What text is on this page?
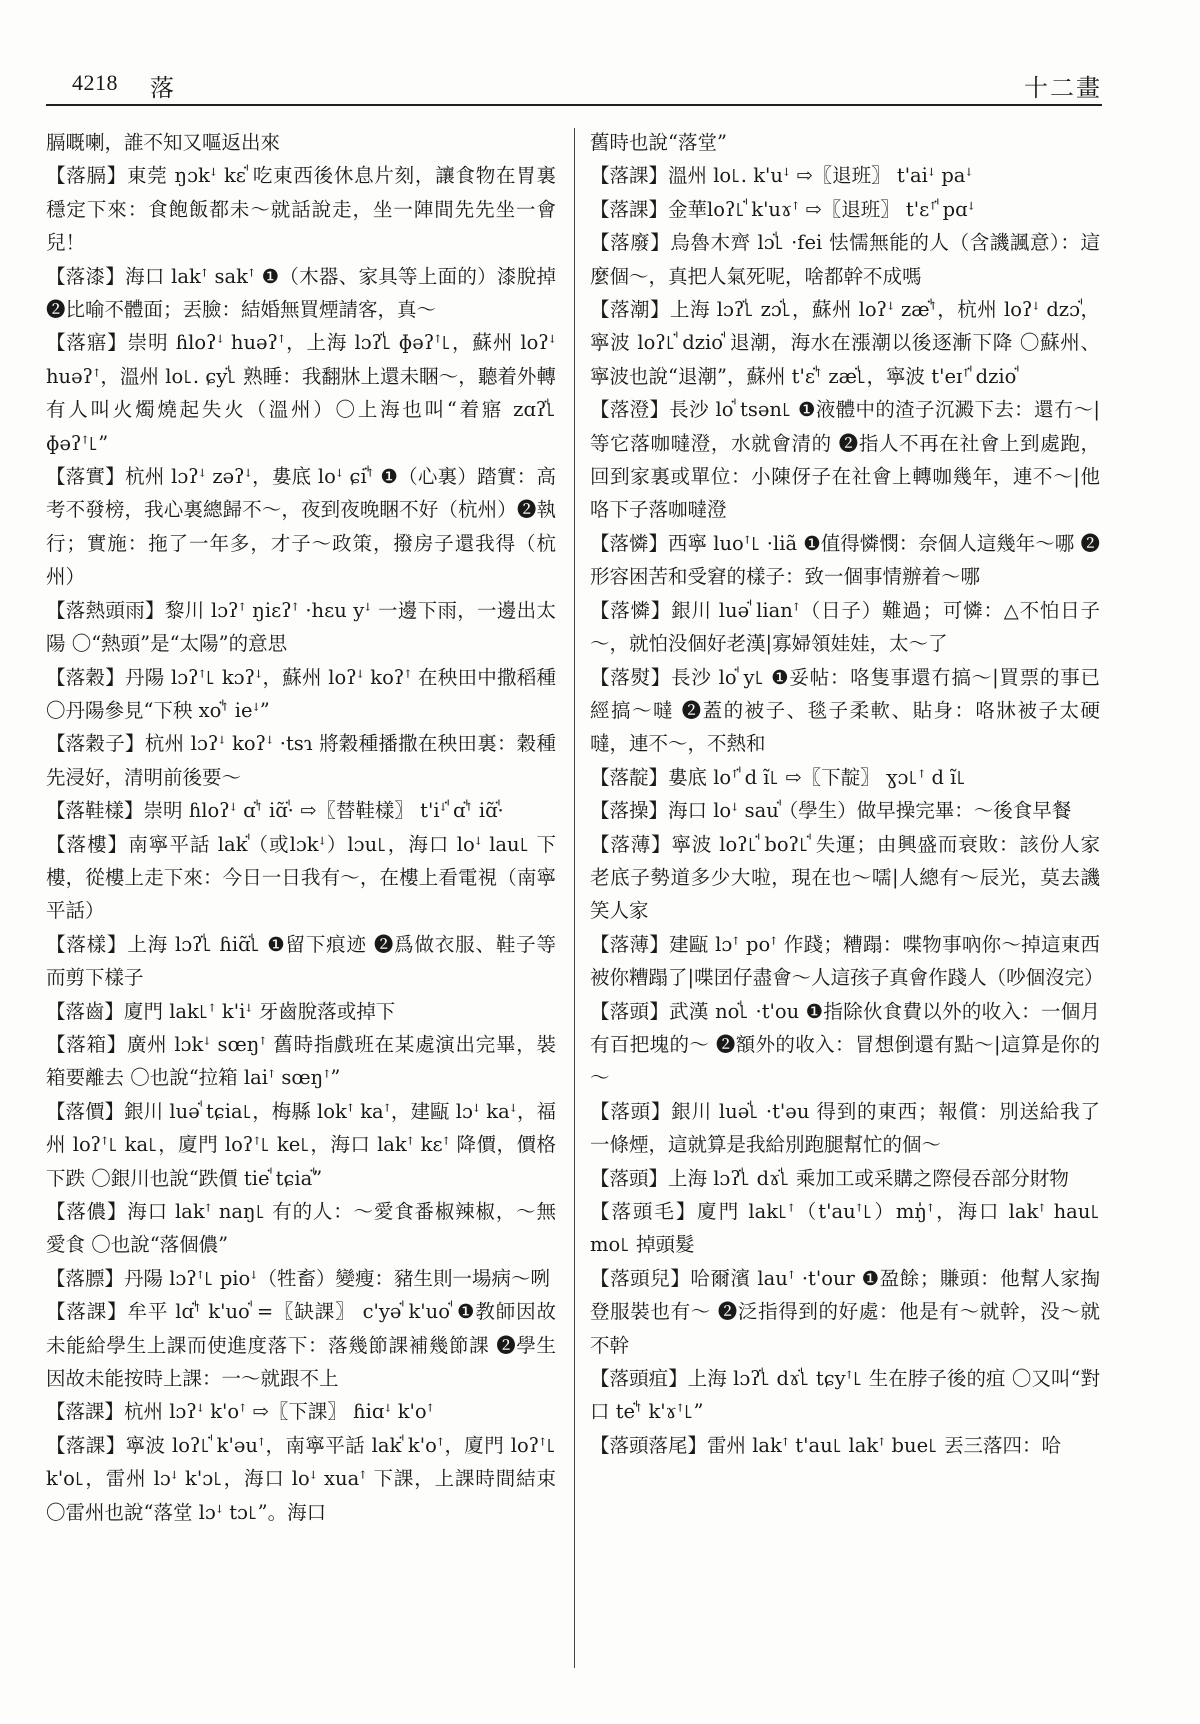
4218 落	十二畫

膈嘅喇，誰不知又嘔返出來

【落膈】東莞 ŋɔkꜜ kɛꜗ 吃東西後休息片刻，讓食物在胃裏穩定下來：食飽飯都未～就話說走，坐一陣間先先坐一會兒！

【落漆】海口 lakꜛ sakꜛ ❶（木器、家具等上面的）漆脫掉 ❷比喻不體面；丟臉：結婚無買煙請客，真～

【落寤】崇明 ɦloʔꜜ huəʔꜛ，上海 lɔʔꜗ꜖ ɸəʔꜛ꜖，蘇州 loʔꜜ huəʔꜛ，溫州 lo꜖. ɕyꜗ꜖ 熟睡：我翻牀上還未睏～，聽着外轉有人叫火燭燒起失火（溫州）〇上海也叫“着寤 zɑʔꜗ꜖ ɸəʔꜛ꜖”

【落實】杭州 lɔʔꜜ zəʔꜜ，婁底 loꜜ ɕiꜗꜛ ❶（心裏）踏實：高考不發榜，我心裏總歸不～，夜到夜晚睏不好（杭州）❷執行；實施：拖了一年多，才子～政策，撥房子還我得（杭州）

【落熱頭雨】黎川 lɔʔꜛ ŋiɛʔꜛ ·hɛu yꜜ 一邊下雨，一邊出太陽 〇“熱頭”是“太陽”的意思

【落穀】丹陽 lɔʔꜛ꜖ kɔʔꜜ，蘇州 loʔꜜ koʔꜛ 在秧田中撒稻種 〇丹陽參見“下秧 xoꜗꜛ ieꜜ”

【落穀子】杭州 lɔʔꜜ koʔꜜ ·tsɿ 將穀種播撒在秧田裏：穀種先浸好，清明前後要～

【落鞋樣】崇明 ɦloʔꜜ ɑꜗꜛ iɑ̃ꜗ· ⇨〖替鞋樣〗 t'iꜜꜗ ɑꜗꜛ iɑ̃ꜗ·

【落樓】南寧平話 lakꜗ（或lɔkꜜ）lɔu꜖，海口 loꜜ lau꜖ 下樓，從樓上走下來：今日一日我有～，在樓上看電視（南寧平話）

【落樣】上海 lɔʔꜗ꜖ ɦiɑ̃ꜗ꜖ ❶留下痕迹 ❷爲做衣服、鞋子等而剪下樣子

【落齒】廈門 lak꜖ꜛ k'iꜜ 牙齒脫落或掉下

【落箱】廣州 lɔkꜜ sœŋꜛ 舊時指戲班在某處演出完畢，裝箱要離去 〇也說“拉箱 laiꜛ sœŋꜛ”

【落價】銀川 luəꜗ tɕia꜖，梅縣 lokꜛ kaꜛ，建甌 lɔꜜ kaꜜ，福州 loʔꜛ꜖ ka꜖，廈門 loʔꜛ꜖ ke꜖，海口 lakꜛ kɛꜛ 降價，價格下跌 〇銀川也說“跌價 tieꜗ tɕiaꜗ”

【落儂】海口 lakꜛ naŋ꜖ 有的人：～愛食番椒辣椒，～無愛食 〇也說“落個儂”

【落膘】丹陽 lɔʔꜛ꜖ pioꜜ（牲畜）變瘦：豬生則一場病～咧

【落課】牟平 lɑꜗꜛ k'uoꜗ =〖缺課〗 c'yəꜗ k'uoꜗ ❶教師因故未能給學生上課而使進度落下：落幾節課補幾節課 ❷學生因故未能按時上課：一～就跟不上

【落課】杭州 lɔʔꜜ k'oꜛ ⇨〖下課〗 ɦiɑꜜ k'oꜛ

【落課】寧波 loʔ꜖ꜗ k'əuꜛ，南寧平話 lakꜗ k'oꜛ，廈門 loʔꜛ꜖ k'o꜖，雷州 lɔꜜ k'ɔ꜖，海口 loꜜ xuaꜛ 下課，上課時間結束 〇雷州也說“落堂 lɔꜜ tɔ꜖”。海口

舊時也說“落堂”

【落課】溫州 lo꜖. k'uꜜ ⇨〖退班〗 t'aiꜜ paꜜ

【落課】金華loʔ꜖ꜗ k'uɤꜛ ⇨〖退班〗 t'ɛꜛꜗ pɑꜜ

【落廢】烏魯木齊 lɔꜗ꜖ ·fei 怯懦無能的人（含譏諷意）：這麼個～，真把人氣死呢，啥都幹不成嗎

【落潮】上海 lɔʔꜗ꜖ zɔꜗ꜖，蘇州 loʔꜜ zæꜗꜛ，杭州 loʔꜜ dzɔꜗ，寧波 loʔ꜖ꜗ dzioꜗ 退潮，海水在漲潮以後逐漸下降 〇蘇州、寧波也說“退潮”，蘇州 t'ɛꜗꜛ zæꜗ꜖，寧波 t'eɪꜛꜗ dzioꜗ

【落澄】長沙 loꜗ tsən꜖ ❶液體中的渣子沉澱下去：還冇～|等它落咖噠澄，水就會清的 ❷指人不再在社會上到處跑，回到家裏或單位：小陳伢子在社會上轉咖幾年，連不～|他咯下子落咖噠澄

【落憐】西寧 luoꜛ꜖ ·liã ❶值得憐憫：奈個人這幾年～哪 ❷形容困苦和受窘的樣子：致一個事情辦着～哪

【落憐】銀川 luəꜗ lianꜛ（日子）難過；可憐：△不怕日子～，就怕没個好老漢|寡婦領娃娃，太～了

【落熨】長沙 loꜗ y꜖ ❶妥帖：咯隻事還冇搞～|買票的事已經搞～噠 ❷蓋的被子、毯子柔軟、貼身：咯牀被子太硬噠，連不～，不熱和

【落靛】婁底 loꜛꜗ d ĩ꜖ ⇨〖下靛〗 ɣɔ꜖ꜛ d ĩ꜖

【落操】海口 loꜜ sauꜗ（學生）做早操完畢：～後食早餐

【落薄】寧波 loʔ꜖ꜗ boʔ꜖ꜗ 失運；由興盛而衰敗：該份人家老底子勢道多少大啦，現在也～嚅|人總有～辰光，莫去譏笑人家

【落薄】建甌 lɔꜛ poꜛ 作踐；糟蹋：喋物事吶你～掉這東西被你糟蹋了|喋囝仔盡會～人這孩子真會作踐人（吵個沒完）

【落頭】武漢 noꜗ꜖ ·t'ou ❶指除伙食費以外的收入：一個月有百把塊的～ ❷額外的收入：冒想倒還有點～|這算是你的～

【落頭】銀川 luəꜗ꜖ ·t'əu 得到的東西；報償：別送給我了一條煙，這就算是我給別跑腿幫忙的個～

【落頭】上海 lɔʔꜗ꜖ dɤꜗ꜖ 乘加工或采購之際侵吞部分財物

【落頭毛】廈門 lak꜖ꜛ（t'auꜛ꜖）mŋ̍ꜛ，海口 lakꜛ hau꜖ mo꜖ 掉頭髮

【落頭兒】哈爾濱 lauꜛ ·t'our ❶盈餘；賺頭：他幫人家掏登服裝也有～ ❷泛指得到的好處：他是有～就幹，没～就不幹

【落頭疽】上海 lɔʔꜗ꜖ dɤꜗ꜖ tɕyꜛ꜖ 生在脖子後的疽 〇又叫“對口 teꜗꜛ k'ɤꜛ꜖”

【落頭落尾】雷州 lakꜛ t'au꜖ lakꜛ bue꜖ 丟三落四：哈
